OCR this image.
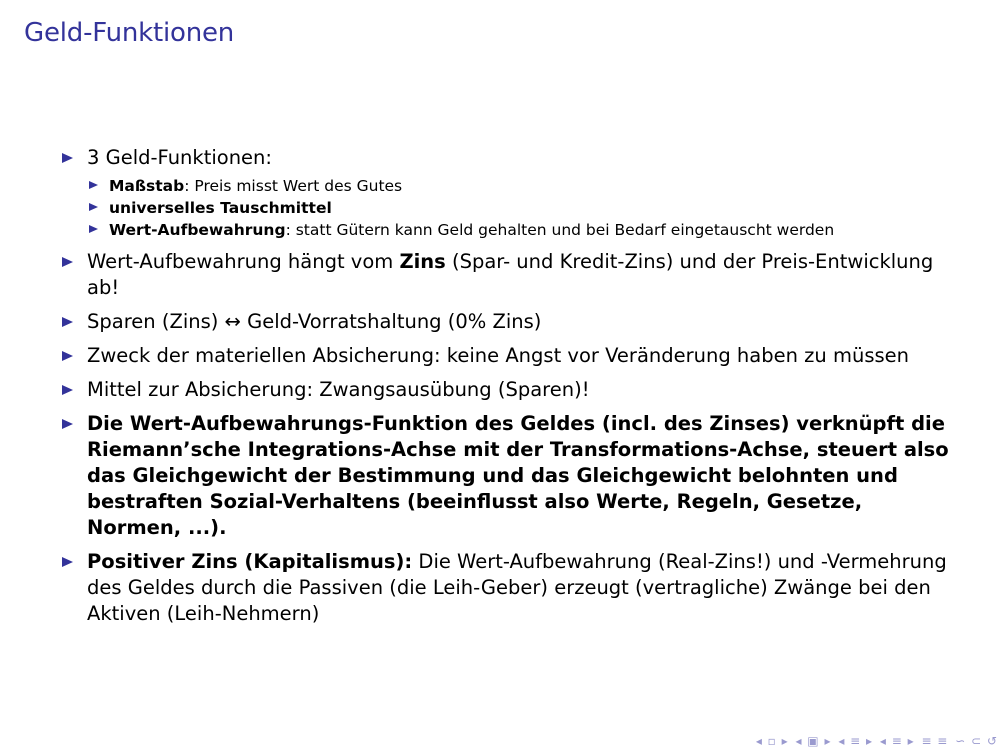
Geld-Funktionen
3 Geld-Funktionen:
Maßstab: Preis misst Wert des Gutes
universelles Tauschmittel
Wert-Aufbewahrung: statt Gütern kann Geld gehalten und bei Bedarf eingetauscht werden
Wert-Aufbewahrung hängt vom Zins (Spar- und Kredit-Zins) und der Preis-Entwicklung ab!
Sparen (Zins) ↔ Geld-Vorratshaltung (0% Zins)
Zweck der materiellen Absicherung: keine Angst vor Veränderung haben zu müssen
Mittel zur Absicherung: Zwangsausübung (Sparen)!
Die Wert-Aufbewahrungs-Funktion des Geldes (incl. des Zinses) verknüpft die Riemann’sche Integrations-Achse mit der Transformations-Achse, steuert also das Gleichgewicht der Bestimmung und das Gleichgewicht belohnten und bestraften Sozial-Verhaltens (beeinflusst also Werte, Regeln, Gesetze, Normen, ...).
Positiver Zins (Kapitalismus): Die Wert-Aufbewahrung (Real-Zins!) und -Vermehrung des Geldes durch die Passiven (die Leih-Geber) erzeugt (vertragliche) Zwänge bei den Aktiven (Leih-Nehmern)
◂ ▫ ▸ ◂ ▣ ▸ ◂ ≡ ▸ ◂ ≡ ▸ ≡ ≡ ∽ ⊂ ↺
